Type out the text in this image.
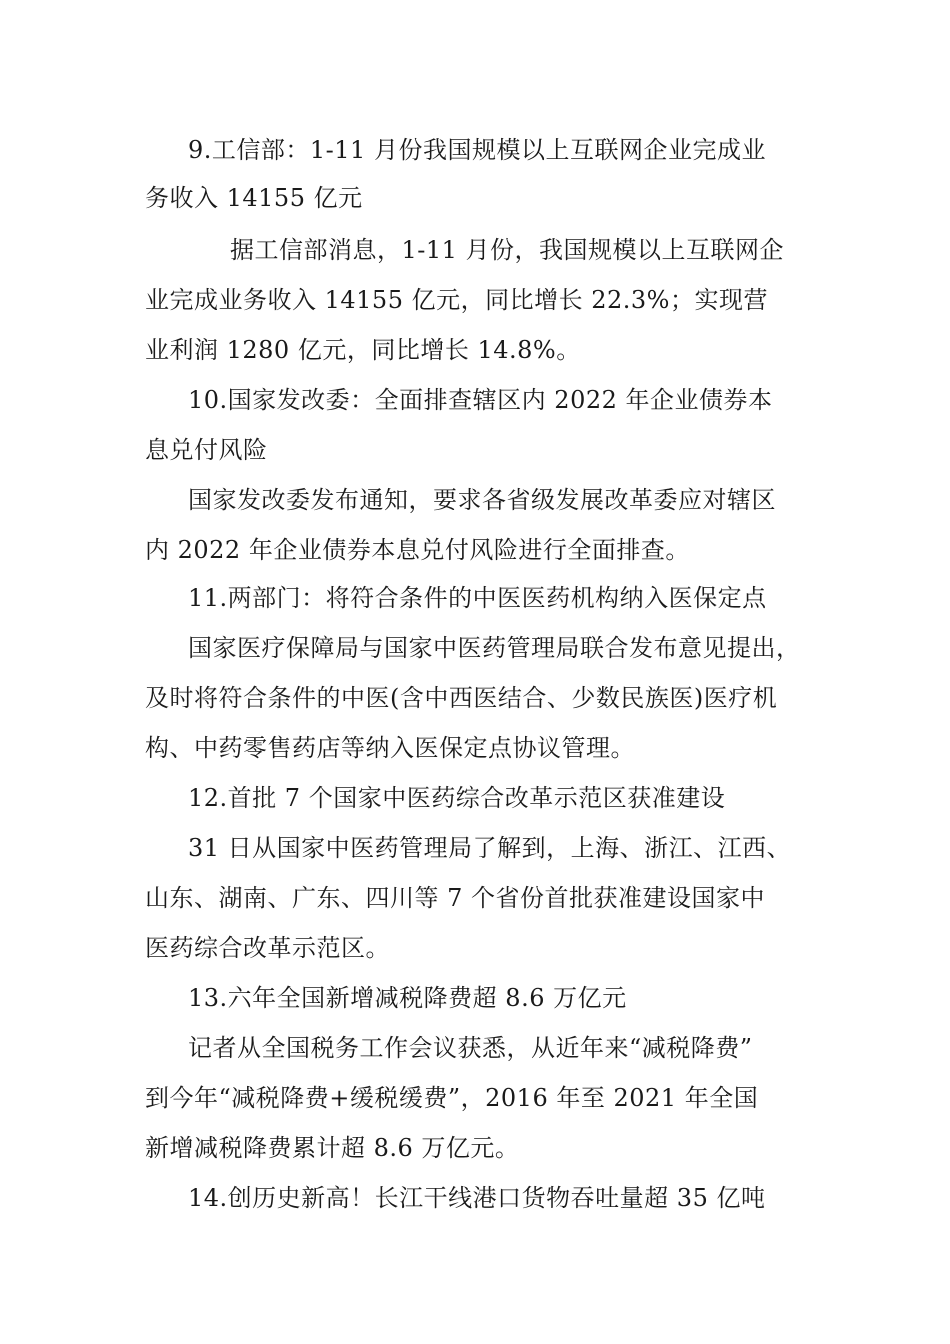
9.工信部：1-11 月份我国规模以上互联网企业完成业
务收入 14155 亿元
据工信部消息，1-11 月份，我国规模以上互联网企
业完成业务收入 14155 亿元，同比增长 22.3%；实现营
业利润 1280 亿元，同比增长 14.8%。
10.国家发改委：全面排查辖区内 2022 年企业债券本
息兑付风险
国家发改委发布通知，要求各省级发展改革委应对辖区
内 2022 年企业债券本息兑付风险进行全面排查。
11.两部门：将符合条件的中医医药机构纳入医保定点
国家医疗保障局与国家中医药管理局联合发布意见提出，
及时将符合条件的中医(含中西医结合、少数民族医)医疗机
构、中药零售药店等纳入医保定点协议管理。
12.首批 7 个国家中医药综合改革示范区获准建设
31 日从国家中医药管理局了解到，上海、浙江、江西、
山东、湖南、广东、四川等 7 个省份首批获准建设国家中
医药综合改革示范区。
13.六年全国新增减税降费超 8.6 万亿元
记者从全国税务工作会议获悉，从近年来“减税降费”
到今年“减税降费+缓税缓费”，2016 年至 2021 年全国
新增减税降费累计超 8.6 万亿元。
14.创历史新高！长江干线港口货物吞吐量超 35 亿吨
